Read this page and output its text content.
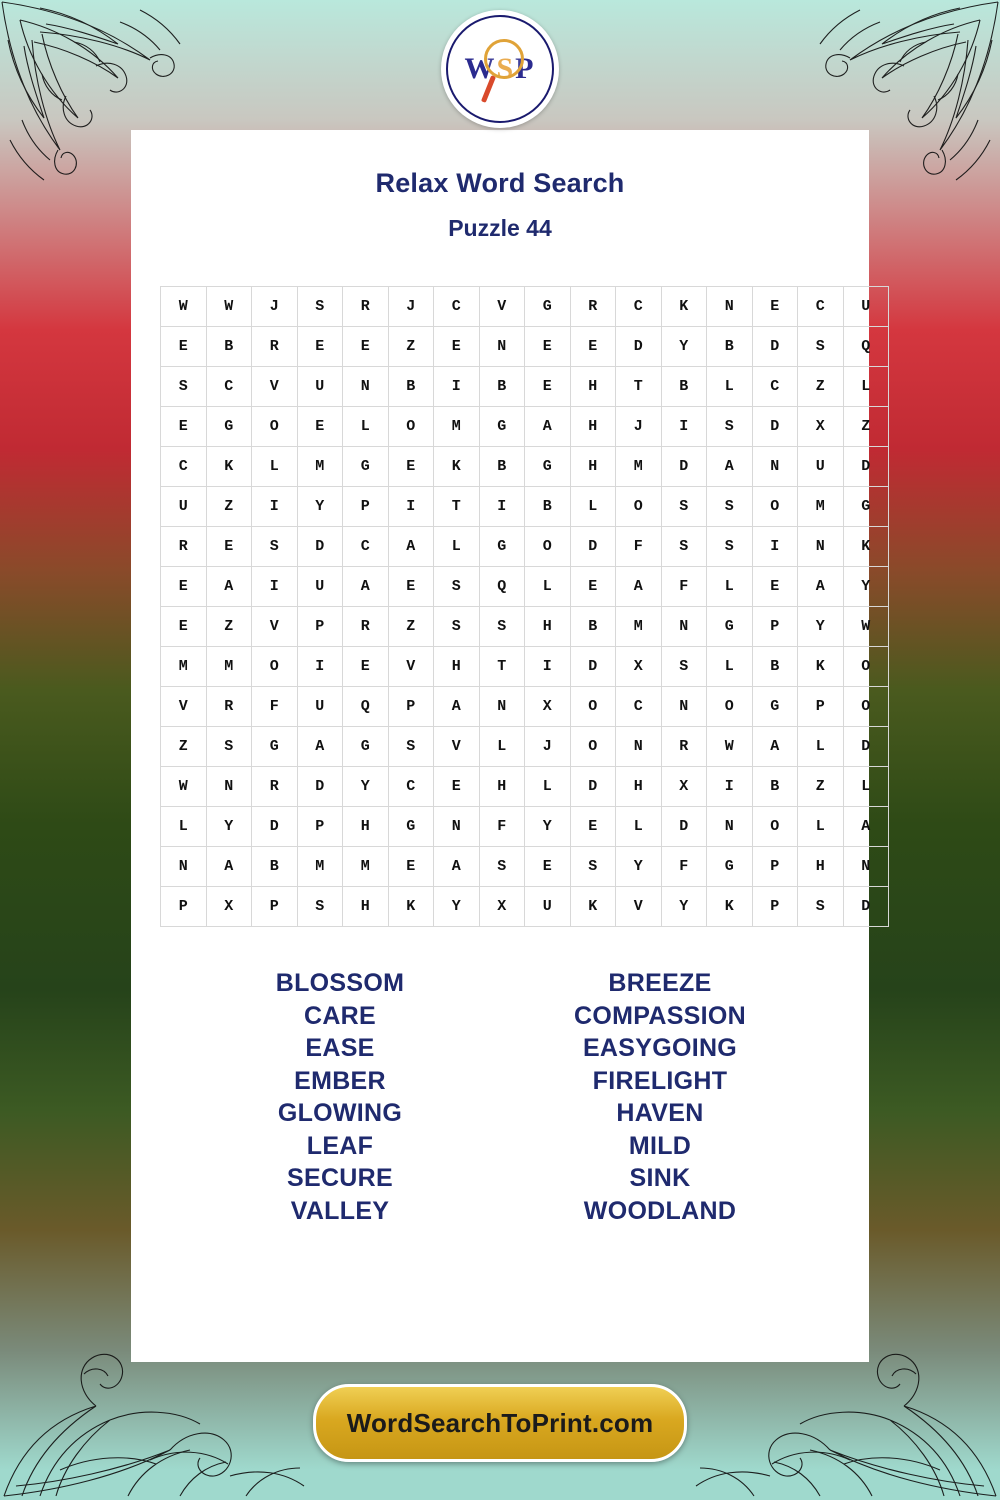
WSP
Relax Word Search
Puzzle 44
W	W	J	S	R	J	C	V	G	R	C	K	N	E	C	U
E	B	R	E	E	Z	E	N	E	E	D	Y	B	D	S	Q
S	C	V	U	N	B	I	B	E	H	T	B	L	C	Z	L
E	G	O	E	L	O	M	G	A	H	J	I	S	D	X	Z
C	K	L	M	G	E	K	B	G	H	M	D	A	N	U	D
U	Z	I	Y	P	I	T	I	B	L	O	S	S	O	M	G
R	E	S	D	C	A	L	G	O	D	F	S	S	I	N	K
E	A	I	U	A	E	S	Q	L	E	A	F	L	E	A	Y
E	Z	V	P	R	Z	S	S	H	B	M	N	G	P	Y	W
M	M	O	I	E	V	H	T	I	D	X	S	L	B	K	O
V	R	F	U	Q	P	A	N	X	O	C	N	O	G	P	O
Z	S	G	A	G	S	V	L	J	O	N	R	W	A	L	D
W	N	R	D	Y	C	E	H	L	D	H	X	I	B	Z	L
L	Y	D	P	H	G	N	F	Y	E	L	D	N	O	L	A
N	A	B	M	M	E	A	S	E	S	Y	F	G	P	H	N
P	X	P	S	H	K	Y	X	U	K	V	Y	K	P	S	D
BLOSSOM
CARE
EASE
EMBER
GLOWING
LEAF
SECURE
VALLEY
BREEZE
COMPASSION
EASYGOING
FIRELIGHT
HAVEN
MILD
SINK
WOODLAND
WordSearchToPrint.com
